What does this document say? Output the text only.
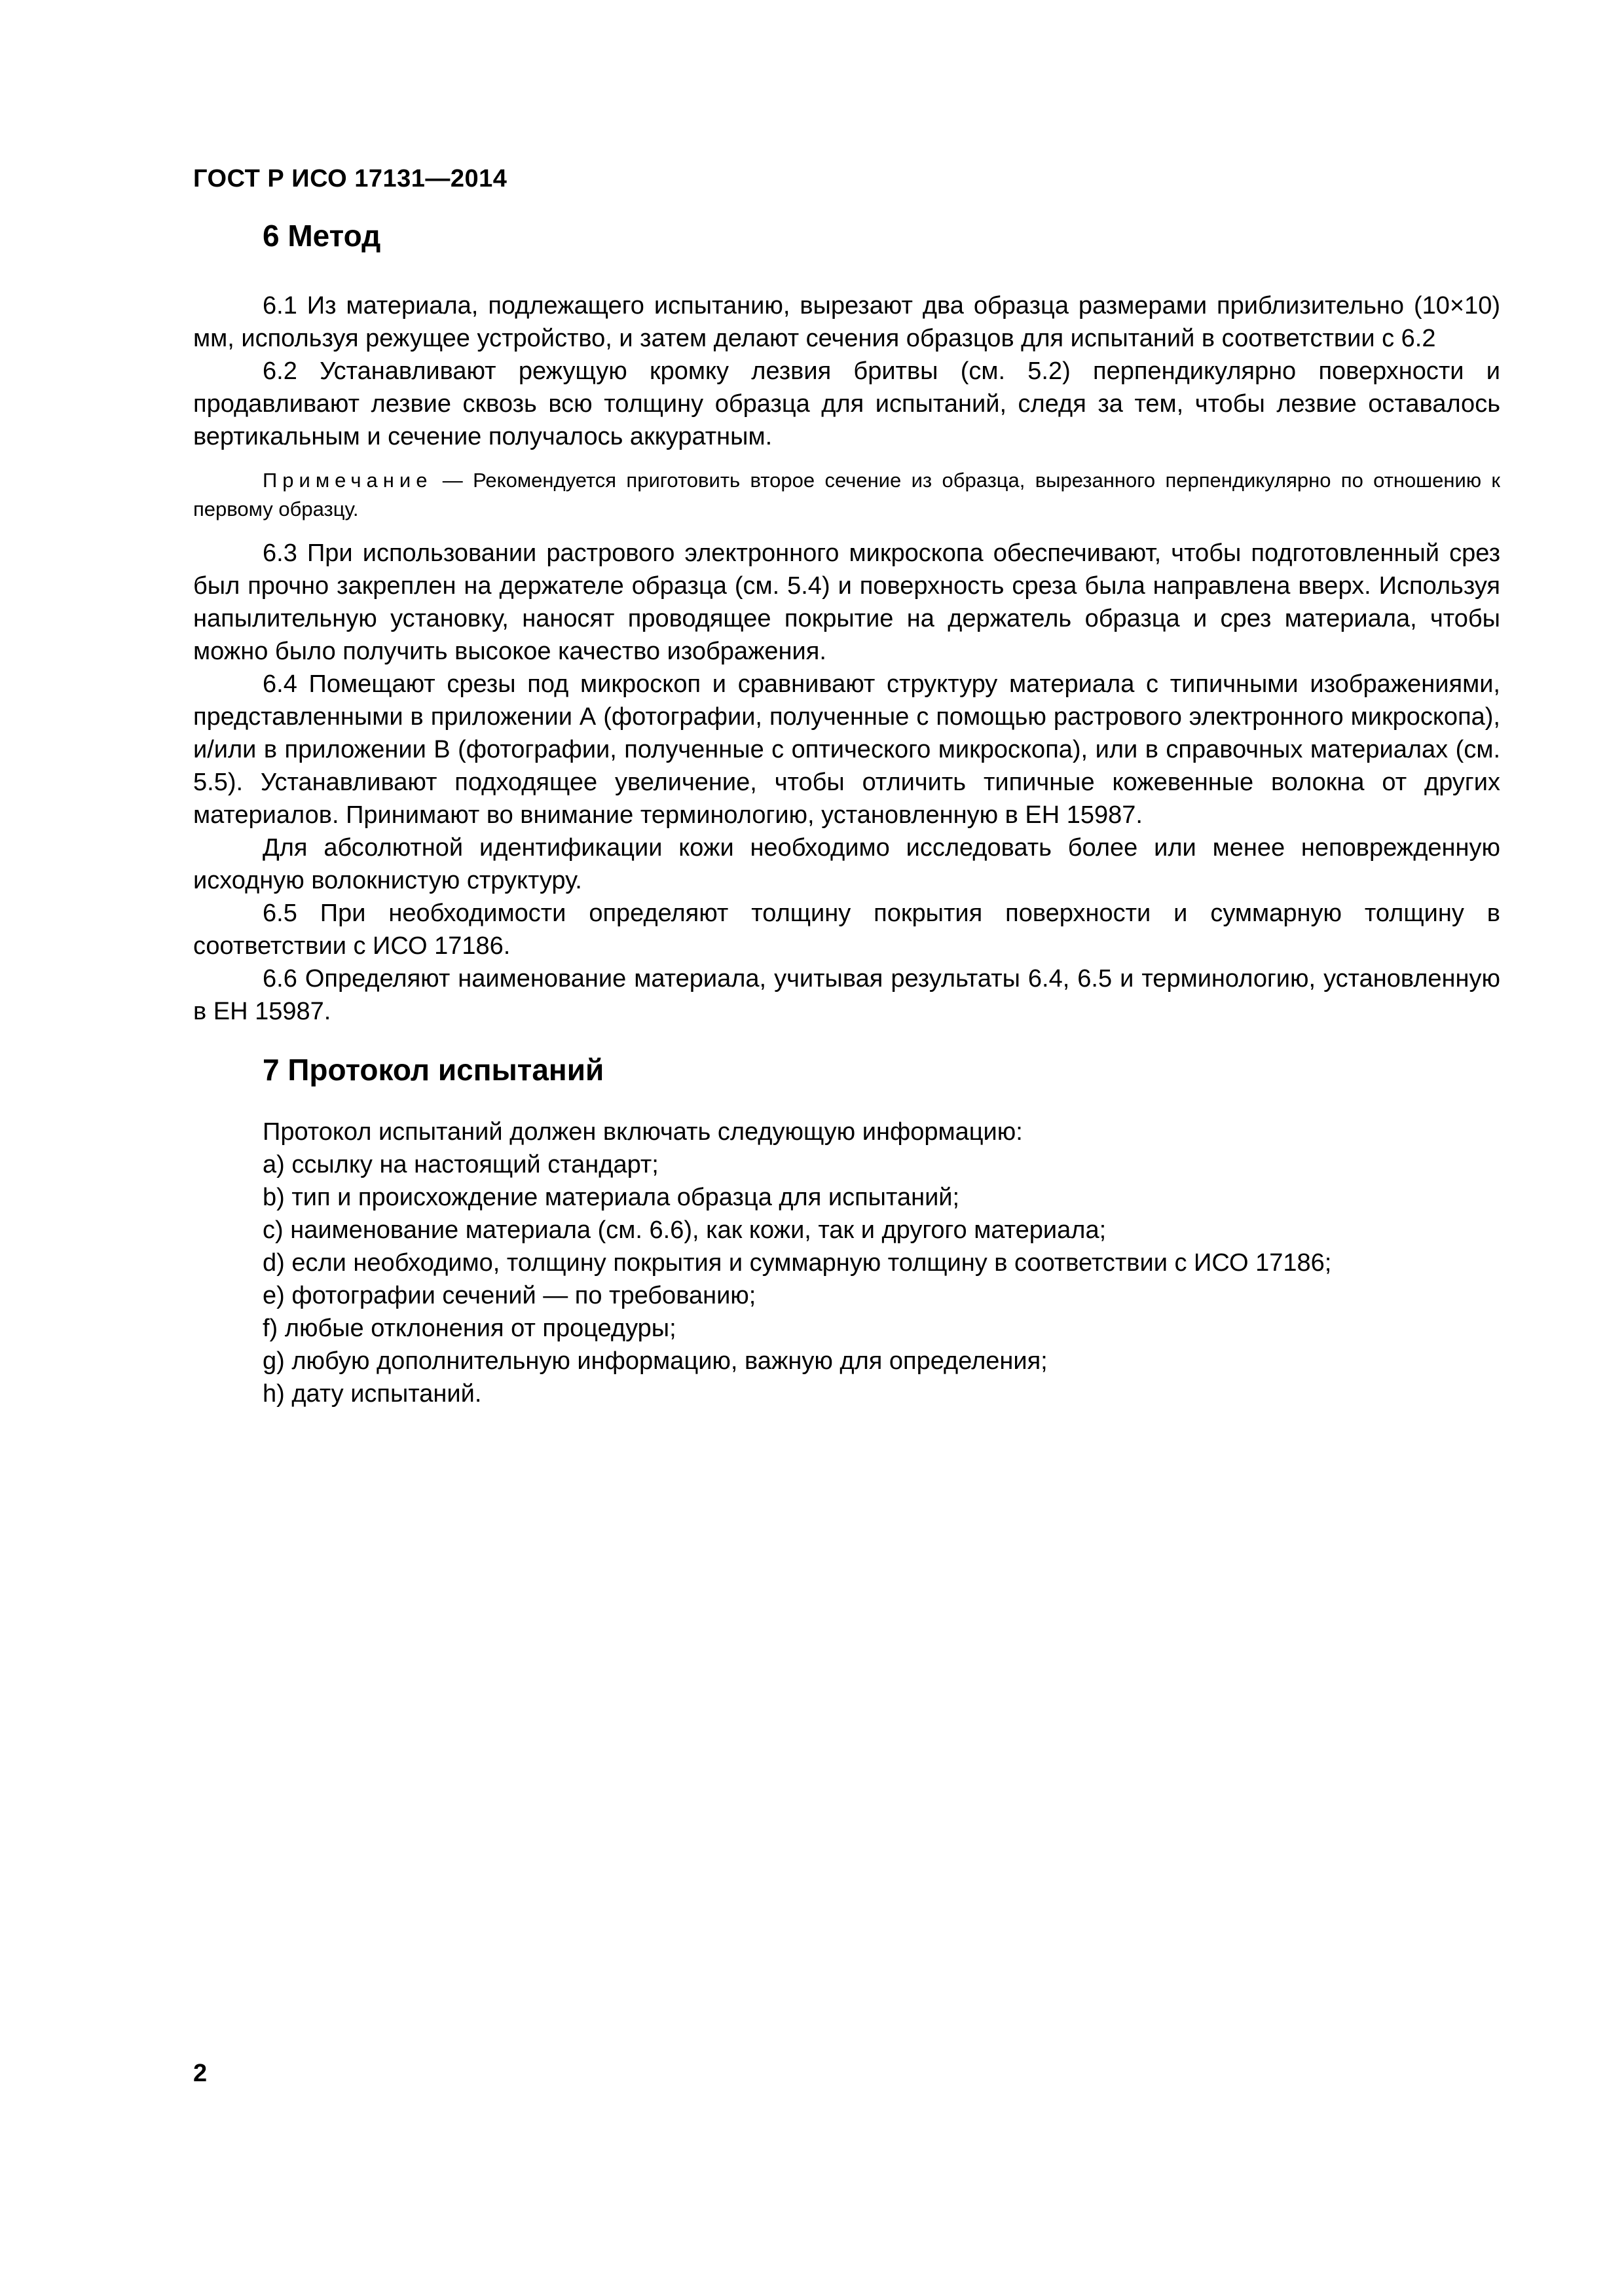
ГОСТ Р ИСО 17131—2014
6 Метод

6.1 Из материала, подлежащего испытанию, вырезают два образца размерами приблизительно (10×10) мм, используя режущее устройство, и затем делают сечения образцов для испытаний в соответствии с 6.2

6.2 Устанавливают режущую кромку лезвия бритвы (см. 5.2) перпендикулярно поверхности и продавливают лезвие сквозь всю толщину образца для испытаний, следя за тем, чтобы лезвие оставалось вертикальным и сечение получалось аккуратным.

Примечание — Рекомендуется приготовить второе сечение из образца, вырезанного перпендикулярно по отношению к первому образцу.

6.3 При использовании растрового электронного микроскопа обеспечивают, чтобы подготовленный срез был прочно закреплен на держателе образца (см. 5.4) и поверхность среза была направлена вверх. Используя напылительную установку, наносят проводящее покрытие на держатель образца и срез материала, чтобы можно было получить высокое качество изображения.

6.4 Помещают срезы под микроскоп и сравнивают структуру материала с типичными изображениями, представленными в приложении А (фотографии, полученные с помощью растрового электронного микроскопа), и/или в приложении В (фотографии, полученные с оптического микроскопа), или в справочных материалах (см. 5.5). Устанавливают подходящее увеличение, чтобы отличить типичные кожевенные волокна от других материалов. Принимают во внимание терминологию, установленную в ЕН 15987.

Для абсолютной идентификации кожи необходимо исследовать более или менее неповрежденную исходную волокнистую структуру.

6.5 При необходимости определяют толщину покрытия поверхности и суммарную толщину в соответствии с ИСО 17186.

6.6 Определяют наименование материала, учитывая результаты 6.4, 6.5 и терминологию, установленную в ЕН 15987.

7 Протокол испытаний

Протокол испытаний должен включать следующую информацию:

a) ссылку на настоящий стандарт;
b) тип и происхождение материала образца для испытаний;
c) наименование материала (см. 6.6), как кожи, так и другого материала;
d) если необходимо, толщину покрытия и суммарную толщину в соответствии с ИСО 17186;
e) фотографии сечений — по требованию;
f) любые отклонения от процедуры;
g) любую дополнительную информацию, важную для определения;
h) дату испытаний.
2
